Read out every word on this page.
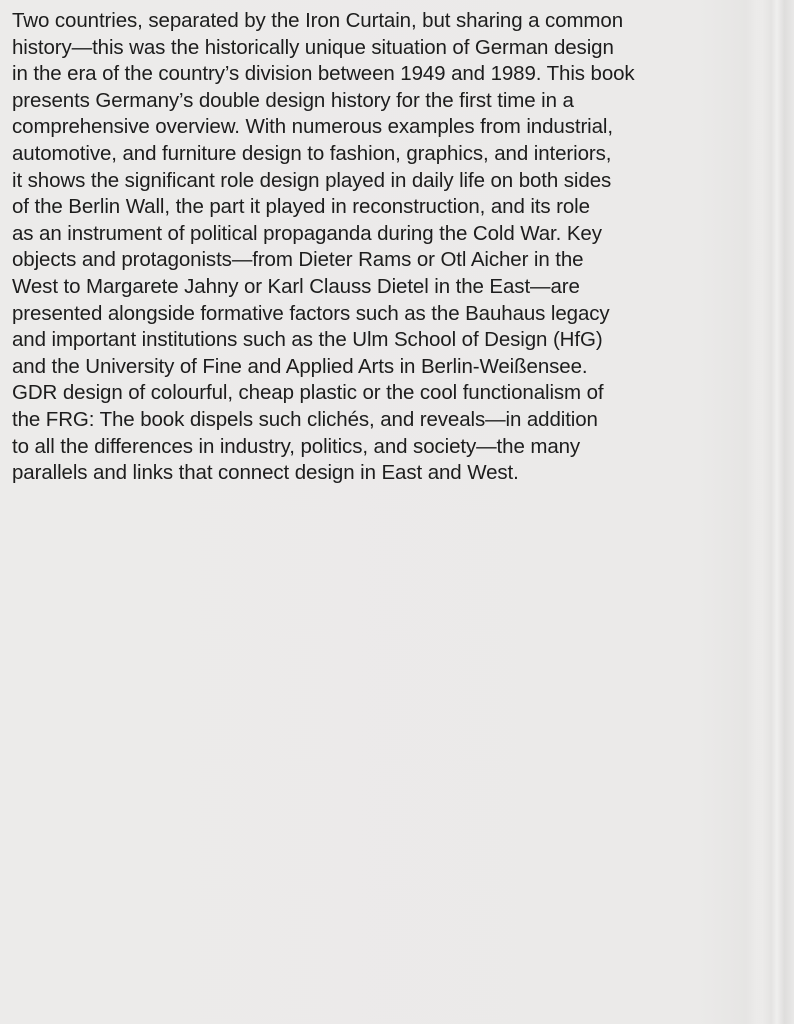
Two countries, separated by the Iron Curtain, but sharing a common
history—this was the historically unique situation of German design
in the era of the country’s division between 1949 and 1989. This book
presents Germany’s double design history for the first time in a
comprehensive overview. With numerous examples from industrial,
automotive, and furniture design to fashion, graphics, and interiors,
it shows the significant role design played in daily life on both sides
of the Berlin Wall, the part it played in reconstruction, and its role
as an instrument of political propaganda during the Cold War. Key
objects and protagonists—from Dieter Rams or Otl Aicher in the
West to Margarete Jahny or Karl Clauss Dietel in the East—are
presented alongside formative factors such as the Bauhaus legacy
and important institutions such as the Ulm School of Design (HfG)
and the University of Fine and Applied Arts in Berlin-Weißensee.
GDR design of colourful, cheap plastic or the cool functionalism of
the FRG: The book dispels such clichés, and reveals—in addition
to all the differences in industry, politics, and society—the many
parallels and links that connect design in East and West.
